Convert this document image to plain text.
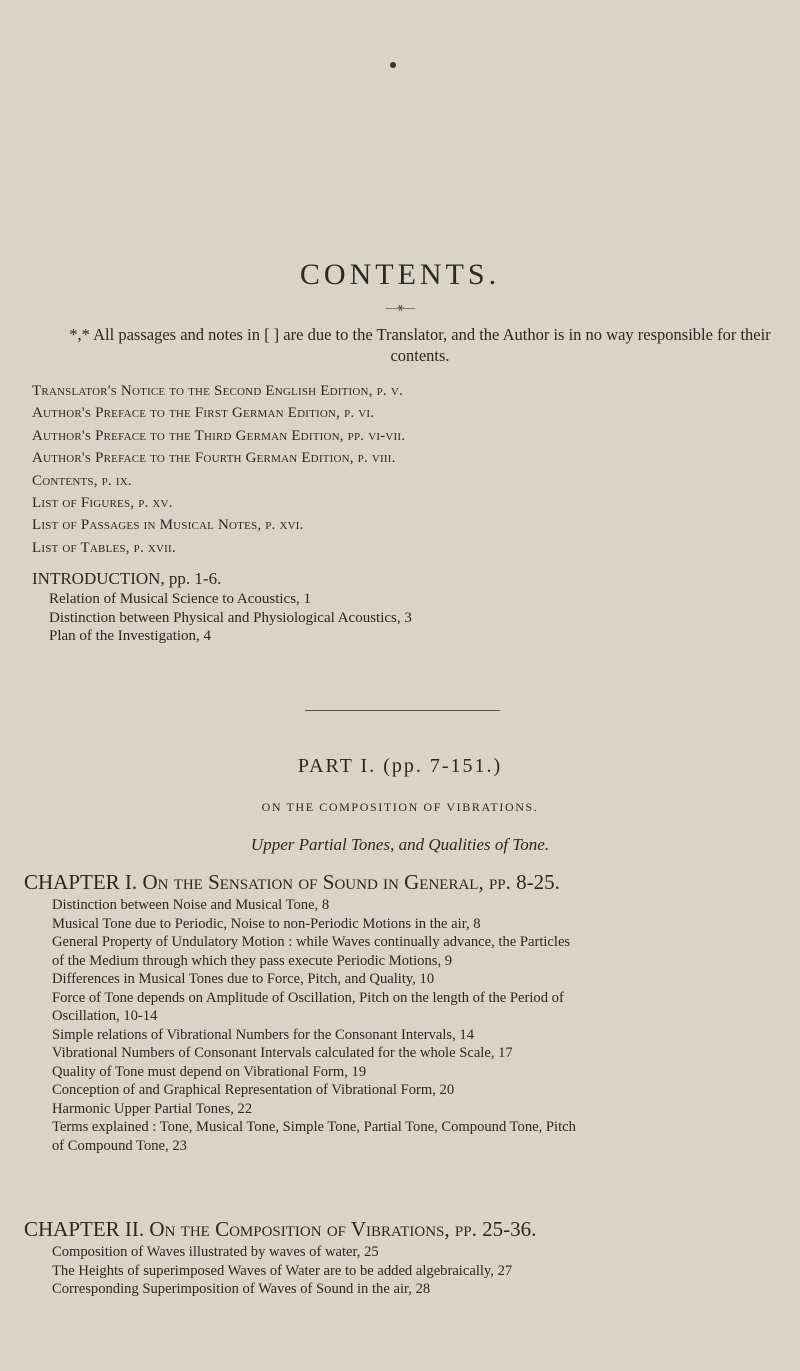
CONTENTS.
—⚹—
*,* All passages and notes in [ ] are due to the Translator, and the Author is in no way responsible for their contents.
Translator's Notice to the Second English Edition, p. v.
Author's Preface to the First German Edition, p. vi.
Author's Preface to the Third German Edition, pp. vi-vii.
Author's Preface to the Fourth German Edition, p. viii.
Contents, p. ix.
List of Figures, p. xv.
List of Passages in Musical Notes, p. xvi.
List of Tables, p. xvii.
INTRODUCTION, pp. 1-6.
Relation of Musical Science to Acoustics, 1
Distinction between Physical and Physiological Acoustics, 3
Plan of the Investigation, 4
PART I. (pp. 7-151.)
ON THE COMPOSITION OF VIBRATIONS.
Upper Partial Tones, and Qualities of Tone.
CHAPTER I. On the Sensation of Sound in General, pp. 8-25.
Distinction between Noise and Musical Tone, 8
Musical Tone due to Periodic, Noise to non-Periodic Motions in the air, 8
General Property of Undulatory Motion : while Waves continually advance, the Particles
of the Medium through which they pass execute Periodic Motions, 9
Differences in Musical Tones due to Force, Pitch, and Quality, 10
Force of Tone depends on Amplitude of Oscillation, Pitch on the length of the Period of
Oscillation, 10-14
Simple relations of Vibrational Numbers for the Consonant Intervals, 14
Vibrational Numbers of Consonant Intervals calculated for the whole Scale, 17
Quality of Tone must depend on Vibrational Form, 19
Conception of and Graphical Representation of Vibrational Form, 20
Harmonic Upper Partial Tones, 22
Terms explained : Tone, Musical Tone, Simple Tone, Partial Tone, Compound Tone, Pitch
of Compound Tone, 23
CHAPTER II. On the Composition of Vibrations, pp. 25-36.
Composition of Waves illustrated by waves of water, 25
The Heights of superimposed Waves of Water are to be added algebraically, 27
Corresponding Superimposition of Waves of Sound in the air, 28
